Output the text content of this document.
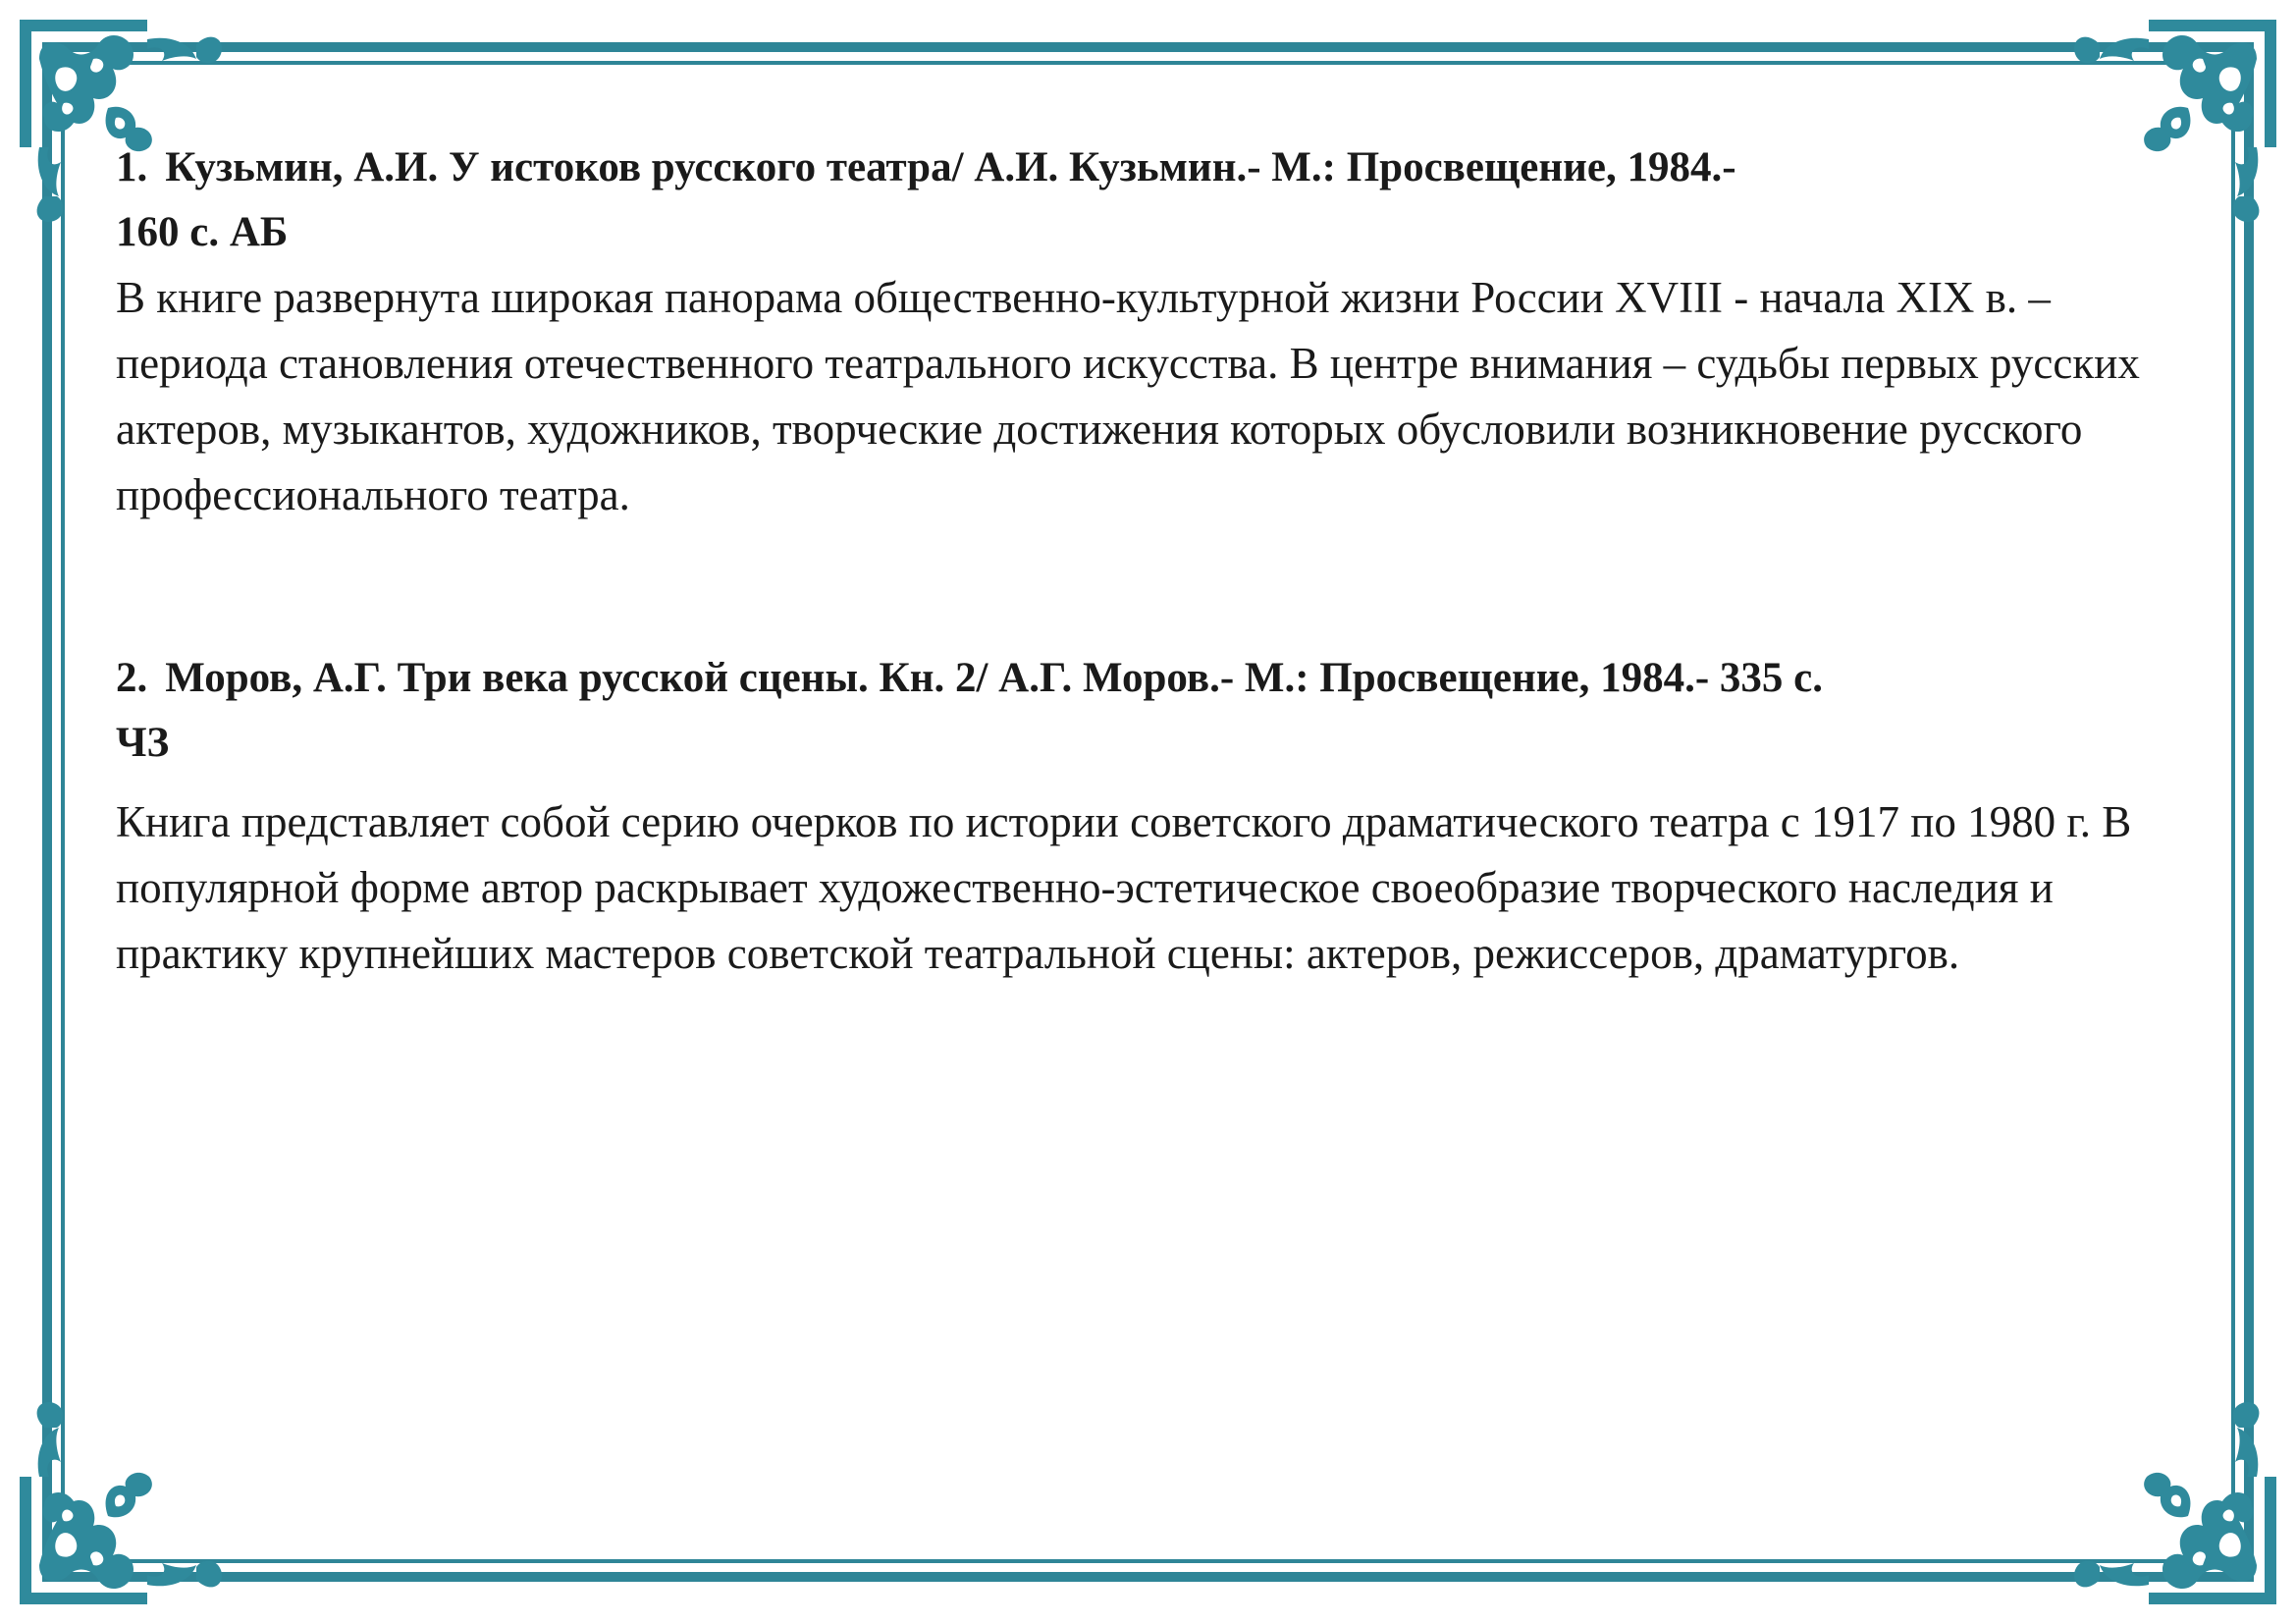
1. Кузьмин, А.И. У истоков русского театра/ А.И. Кузьмин.- М.: Просвещение, 1984.-
160 с. АБ

В книге развернута широкая панорама общественно-культурной жизни России XVIII - начала XIX в. – периода становления отечественного театрального искусства. В центре внимания – судьбы первых русских актеров, музыкантов, художников, творческие достижения которых обусловили возникновение русского профессионального театра.

2. Моров, А.Г. Три века русской сцены. Кн. 2/ А.Г. Моров.- М.: Просвещение, 1984.- 335 с.
ЧЗ

Книга представляет собой серию очерков по истории советского драматического театра с 1917 по 1980 г. В популярной форме автор раскрывает художественно-эстетическое своеобразие творческого наследия и практику крупнейших мастеров советской театральной сцены: актеров, режиссеров, драматургов.
